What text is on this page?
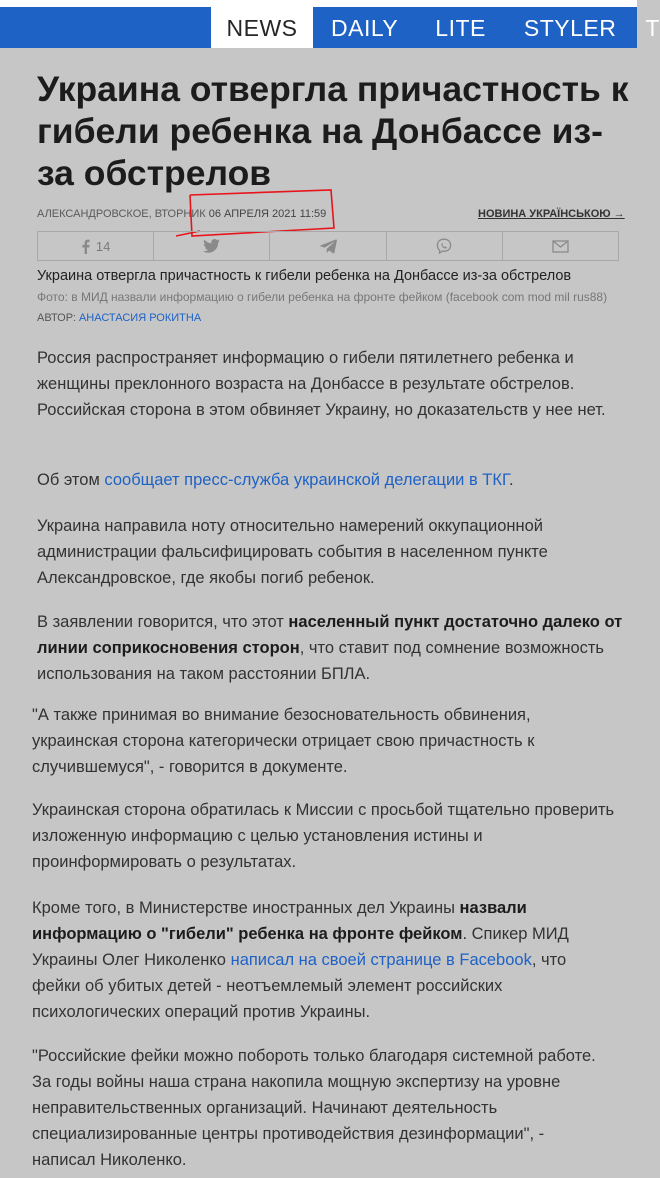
NEWS	DAILY LITE STYLER T
Украина отвергла причастность к гибели ребенка на Донбассе из-за обстрелов
АЛЕКСАНДРОВСКОЕ, ВТОРНИК 06 АПРЕЛЯ 2021 11:59	НОВИНА УКРАЇНСЬКОЮ →
14
Украина отвергла причастность к гибели ребенка на Донбассе из-за обстрелов
Фото: в МИД назвали информацию о гибели ребенка на фронте фейком (facebook com mod mil rus88)
АВТОР: АНАСТАСИЯ РОКИТНА

Россия распространяет информацию о гибели пятилетнего ребенка и женщины преклонного возраста на Донбассе в результате обстрелов. Российская сторона в этом обвиняет Украину, но доказательств у нее нет.

Об этом сообщает пресс-служба украинской делегации в ТКГ.

Украина направила ноту относительно намерений оккупационной администрации фальсифицировать события в населенном пункте Александровское, где якобы погиб ребенок.

В заявлении говорится, что этот населенный пункт достаточно далеко от линии соприкосновения сторон, что ставит под сомнение возможность использования на таком расстоянии БПЛА.

"А также принимая во внимание безосновательность обвинения, украинская сторона категорически отрицает свою причастность к случившемуся", - говорится в документе.

Украинская сторона обратилась к Миссии с просьбой тщательно проверить изложенную информацию с целью установления истины и проинформировать о результатах.

Кроме того, в Министерстве иностранных дел Украины назвали информацию о "гибели" ребенка на фронте фейком. Спикер МИД Украины Олег Николенко написал на своей странице в Facebook, что фейки об убитых детей - неотъемлемый элемент российских психологических операций против Украины.

"Российские фейки можно побороть только благодаря системной работе. За годы войны наша страна накопила мощную экспертизу на уровне неправительственных организаций. Начинают деятельность специализированные центры противодействия дезинформации", - написал Николенко.
